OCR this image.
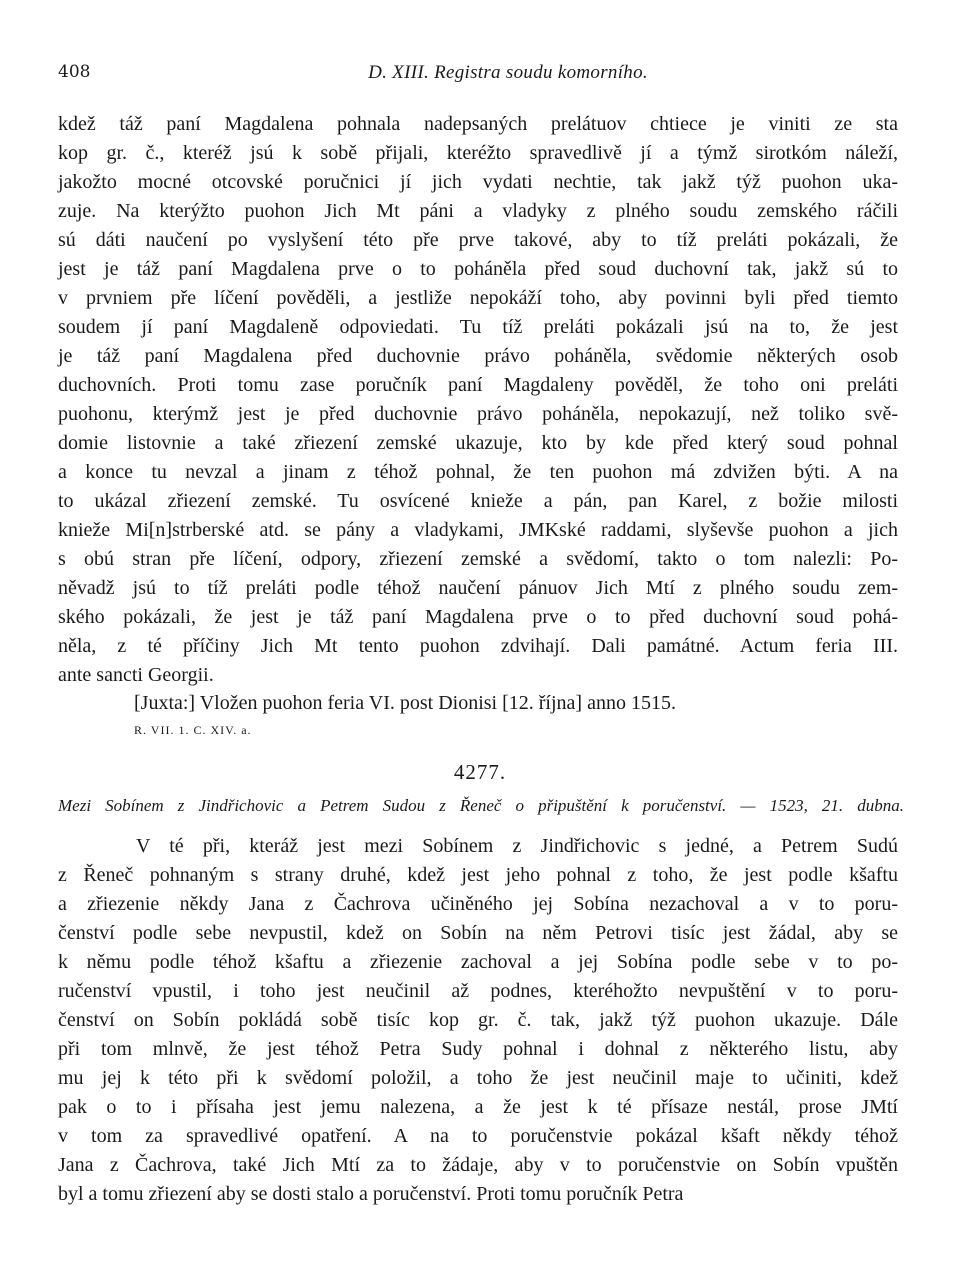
408	D. XIII. Registra soudu komorního.
kdež táž paní Magdalena pohnala nadepsaných prelátuov chtiece je viniti ze sta
kop gr. č., kteréž jsú k sobě přijali, kteréžto spravedlivě jí a týmž sirotkóm náleží,
jakožto mocné otcovské poručnici jí jich vydati nechtie, tak jakž týž puohon uka-
zuje. Na kterýžto puohon Jich Mt páni a vladyky z plného soudu zemského ráčili
sú dáti naučení po vyslyšení této pře prve takové, aby to tíž preláti pokázali, že
jest je táž paní Magdalena prve o to poháněla před soud duchovní tak, jakž sú to
v prvniem pře líčení pověděli, a jestliže nepokáží toho, aby povinni byli před tiemto
soudem jí paní Magdaleně odpoviedati. Tu tíž preláti pokázali jsú na to, že jest
je táž paní Magdalena před duchovnie právo poháněla, svědomie některých osob
duchovních. Proti tomu zase poručník paní Magdaleny pověděl, že toho oni preláti
puohonu, kterýmž jest je před duchovnie právo poháněla, nepokazují, než toliko svě-
domie listovnie a také zřiezení zemské ukazuje, kto by kde před který soud pohnal
a konce tu nevzal a jinam z téhož pohnal, že ten puohon má zdvižen býti. A na
to ukázal zřiezení zemské. Tu osvícené knieže a pán, pan Karel, z božie milosti
knieže Mi[n]strberské atd. se pány a vladykami, JMKské raddami, slyševše puohon a jich
s obú stran pře líčení, odpory, zřiezení zemské a svědomí, takto o tom nalezli: Po-
něvadž jsú to tíž preláti podle téhož naučení pánuov Jich Mtí z plného soudu zem-
ského pokázali, že jest je táž paní Magdalena prve o to před duchovní soud pohá-
něla, z té příčiny Jich Mt tento puohon zdvihají. Dali památné. Actum feria III.
ante sancti Georgii.
[Juxta:] Vložen puohon feria VI. post Dionisi [12. října] anno 1515.
R. VII. 1. C. XIV. a.
4277.
Mezi Sobínem z Jindřichovic a Petrem Sudou z Řeneč o připuštění k poručenství. — 1523, 21. dubna.
V té při, kteráž jest mezi Sobínem z Jindřichovic s jedné, a Petrem Sudú
z Řeneč pohnaným s strany druhé, kdež jest jeho pohnal z toho, že jest podle kšaftu
a zřiezenie někdy Jana z Čachrova učiněného jej Sobína nezachoval a v to poru-
čenství podle sebe nevpustil, kdež on Sobín na něm Petrovi tisíc jest žádal, aby se
k němu podle téhož kšaftu a zřiezenie zachoval a jej Sobína podle sebe v to po-
ručenství vpustil, i toho jest neučinil až podnes, kteréhožto nevpuštění v to poru-
čenství on Sobín pokládá sobě tisíc kop gr. č. tak, jakž týž puohon ukazuje. Dále
při tom mlnvě, že jest téhož Petra Sudy pohnal i dohnal z některého listu, aby
mu jej k této při k svědomí položil, a toho že jest neučinil maje to učiniti, kdež
pak o to i přísaha jest jemu nalezena, a že jest k té přísaze nestál, prose JMtí
v tom za spravedlivé opatření. A na to poručenstvie pokázal kšaft někdy téhož
Jana z Čachrova, také Jich Mtí za to žádaje, aby v to poručenstvie on Sobín vpuštěn
byl a tomu zřiezení aby se dosti stalo a poručenství. Proti tomu poručník Petra
